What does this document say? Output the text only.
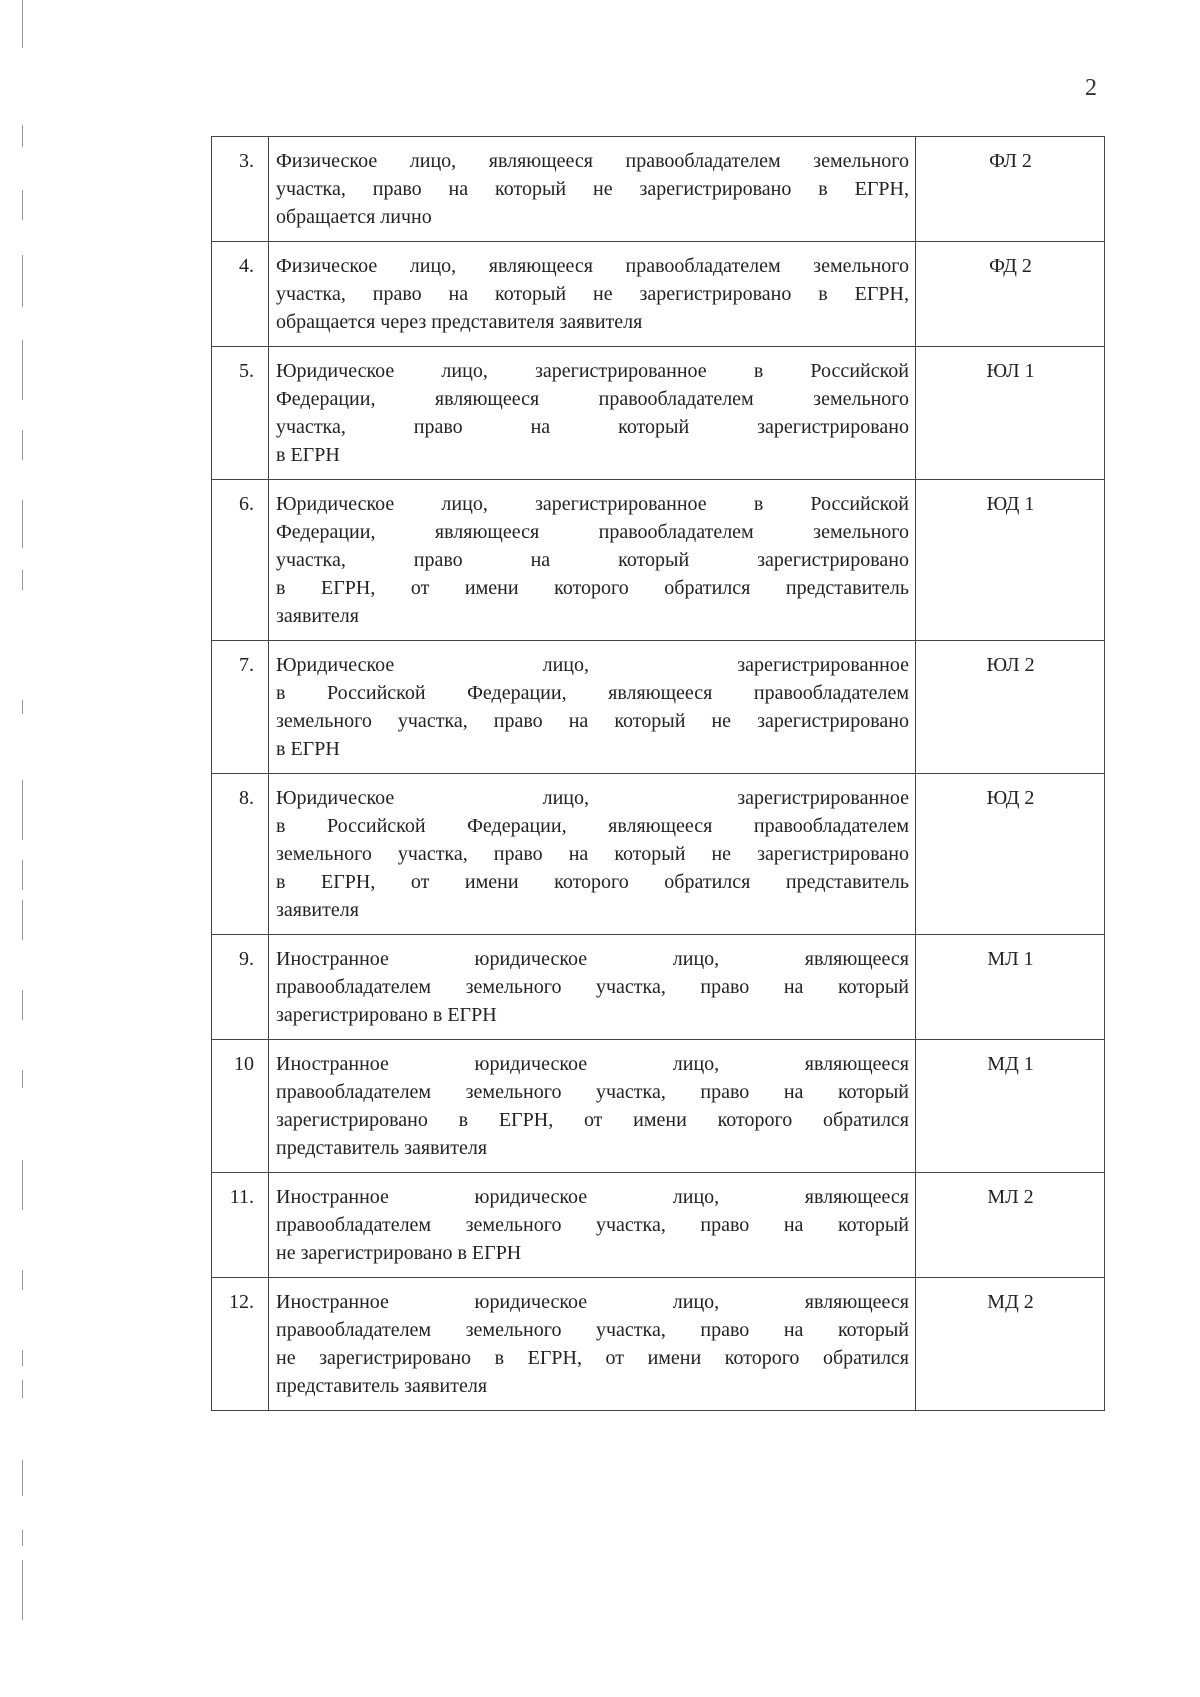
2
3.	Физическое лицо, являющееся правообладателем земельного
участка, право на который не зарегистрировано в ЕГРН,
обращается лично	ФЛ 2
4.	Физическое лицо, являющееся правообладателем земельного
участка, право на который не зарегистрировано в ЕГРН,
обращается через представителя заявителя	ФД 2
5.	Юридическое лицо, зарегистрированное в Российской
Федерации, являющееся правообладателем земельного
участка, право на который зарегистрировано
в ЕГРН	ЮЛ 1
6.	Юридическое лицо, зарегистрированное в Российской
Федерации, являющееся правообладателем земельного
участка, право на который зарегистрировано
в ЕГРН, от имени которого обратился представитель
заявителя	ЮД 1
7.	Юридическое лицо, зарегистрированное
в Российской Федерации, являющееся правообладателем
земельного участка, право на который не зарегистрировано
в ЕГРН	ЮЛ 2
8.	Юридическое лицо, зарегистрированное
в Российской Федерации, являющееся правообладателем
земельного участка, право на который не зарегистрировано
в ЕГРН, от имени которого обратился представитель
заявителя	ЮД 2
9.	Иностранное юридическое лицо, являющееся
правообладателем земельного участка, право на который
зарегистрировано в ЕГРН	МЛ 1
10	Иностранное юридическое лицо, являющееся
правообладателем земельного участка, право на который
зарегистрировано в ЕГРН, от имени которого обратился
представитель заявителя	МД 1
11.	Иностранное юридическое лицо, являющееся
правообладателем земельного участка, право на который
не зарегистрировано в ЕГРН	МЛ 2
12.	Иностранное юридическое лицо, являющееся
правообладателем земельного участка, право на который
не зарегистрировано в ЕГРН, от имени которого обратился
представитель заявителя	МД 2
